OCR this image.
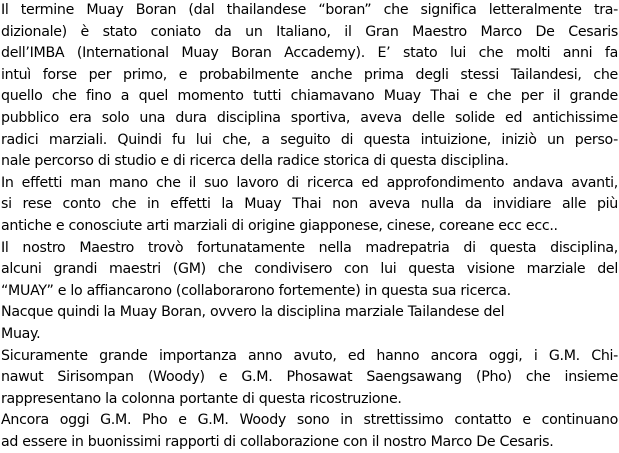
Il termine Muay Boran (dal thailandese “boran” che significa letteralmente tra-
dizionale) è stato coniato da un Italiano, il Gran Maestro Marco De Cesaris
dell’IMBA (International Muay Boran Accademy). E’ stato lui che molti anni fa
intuì forse per primo, e probabilmente anche prima degli stessi Tailandesi, che
quello che fino a quel momento tutti chiamavano Muay Thai e che per il grande
pubblico era solo una dura disciplina sportiva, aveva delle solide ed antichissime
radici marziali. Quindi fu lui che, a seguito di questa intuizione, iniziò un perso-
nale percorso di studio e di ricerca della radice storica di questa disciplina.
In effetti man mano che il suo lavoro di ricerca ed approfondimento andava avanti,
si rese conto che in effetti la Muay Thai non aveva nulla da invidiare alle più
antiche e conosciute arti marziali di origine giapponese, cinese, coreane ecc ecc..
Il nostro Maestro trovò fortunatamente nella madrepatria di questa disciplina,
alcuni grandi maestri (GM) che condivisero con lui questa visione marziale del
“MUAY” e lo affiancarono (collaborarono fortemente) in questa sua ricerca.
Nacque quindi la Muay Boran, ovvero la disciplina marziale Tailandese del
Muay.
Sicuramente grande importanza anno avuto, ed hanno ancora oggi, i G.M. Chi-
nawut Sirisompan (Woody) e G.M. Phosawat Saengsawang (Pho) che insieme
rappresentano la colonna portante di questa ricostruzione.
Ancora oggi G.M. Pho e G.M. Woody sono in strettissimo contatto e continuano
ad essere in buonissimi rapporti di collaborazione con il nostro Marco De Cesaris.
